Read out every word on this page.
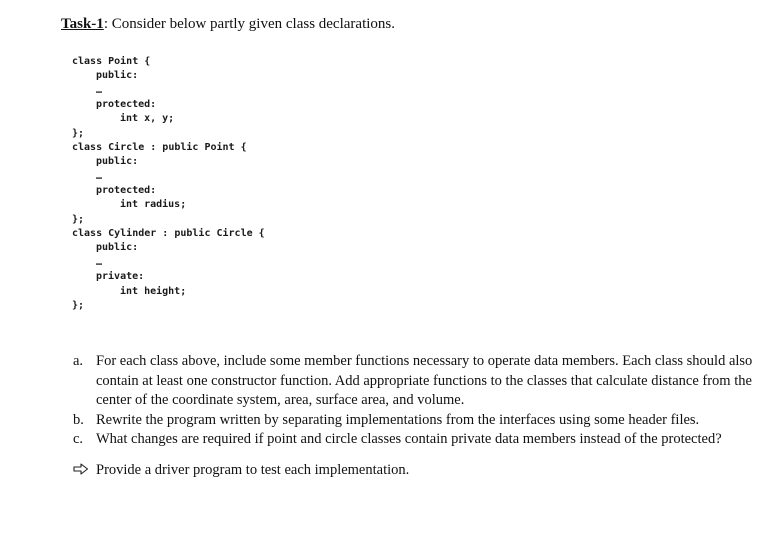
Task-1: Consider below partly given class declarations.
class Point {
public:
…
protected:
int x, y;
};
class Circle : public Point {
public:
…
protected:
int radius;
};
class Cylinder : public Circle {
public:
…
private:
int height;
};
a. For each class above, include some member functions necessary to operate data members. Each class should also contain at least one constructor function. Add appropriate functions to the classes that calculate distance from the center of the coordinate system, area, surface area, and volume.
b. Rewrite the program written by separating implementations from the interfaces using some header files.
c. What changes are required if point and circle classes contain private data members instead of the protected?
Provide a driver program to test each implementation.
